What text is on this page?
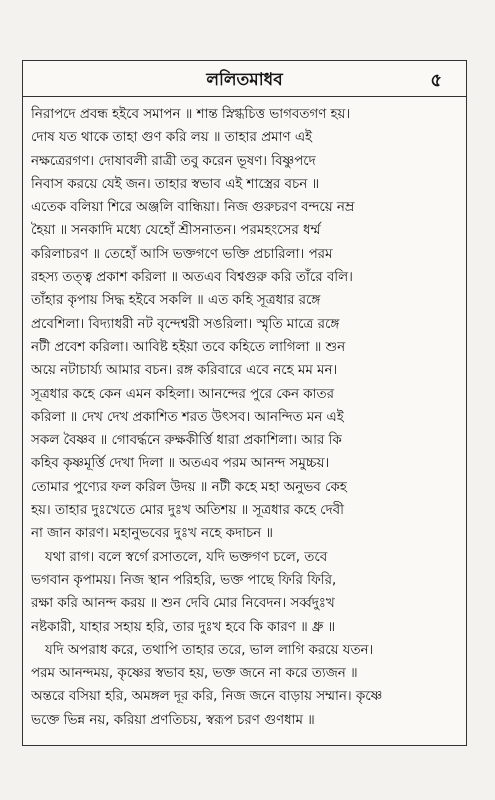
ললিতমাধব	৫
নিরাপদে প্রবন্ধ হইবে সমাপন ॥ শান্ত স্নিগ্ধচিত্ত ভাগবতগণ হয়।
দোষ যত থাকে তাহা গুণ করি লয় ॥ তাহার প্রমাণ এই
নক্ষত্রেরগণ। দোষাবলী রাত্রী তবু করেন ভূষণ। বিষ্ণুপদে
নিবাস করয়ে যেই জন। তাহার স্বভাব এই শাস্ত্রের বচন ॥
এতেক বলিয়া শিরে অঞ্জলি বান্ধিয়া। নিজ গুরুচরণ বন্দয়ে নম্র
হৈয়া ॥ সনকাদি মধ্যে যেহোঁ শ্রীসনাতন। পরমহংসের ধর্ম্ম
করিলাচরণ ॥ তেহোঁ আসি ভক্তগণে ভক্তি প্রচারিলা। পরম
রহস্য তত্ত্ব প্রকাশ করিলা ॥ অতএব বিশ্বগুরু করি তাঁরে বলি।
তাঁহার কৃপায় সিদ্ধ হইবে সকলি ॥ এত কহি সূত্রধার রঙ্গে
প্রবেশিলা। বিদ্যাধরী নট বৃন্দেশ্বরী সঙরিলা। স্মৃতি মাত্রে রঙ্গে
নটী প্রবেশ করিলা। আবিষ্ট হইয়া তবে কহিতে লাগিলা ॥ শুন
অয়ে নটাচার্য্য আমার বচন। রঙ্গ করিবারে এবে নহে মম মন।
সূত্রধার কহে কেন এমন কহিলা। আনন্দের পুরে কেন কাতর
করিলা ॥ দেখ দেখ প্রকাশিত শরত উৎসব। আনন্দিত মন এই
সকল বৈষ্ণব ॥ গোবর্দ্ধনে রুক্ষকীর্ত্তি ধারা প্রকাশিলা। আর কি
কহিব কৃষ্ণমূর্ত্তি দেখা দিলা ॥ অতএব পরম আনন্দ সমুচ্চয়।
তোমার পুণ্যের ফল করিল উদয় ॥ নটী কহে মহা অনুভব কেহ
হয়। তাহার দুঃখেতে মোর দুঃখ অতিশয় ॥ সূত্রধার কহে দেবী
না জান কারণ। মহানুভবের দুঃখ নহে কদাচন ॥
যথা রাগ। বলে স্বর্গে রসাতলে, যদি ভক্তগণ চলে, তবে
ভগবান কৃপাময়। নিজ স্থান পরিহরি, ভক্ত পাছে ফিরি ফিরি,
রক্ষা করি আনন্দ করয় ॥ শুন দেবি মোর নিবেদন। সর্ব্বদুঃখ
নষ্টকারী, যাহার সহায় হরি, তার দুঃখ হবে কি কারণ ॥ ধ্রু ॥
যদি অপরাধ করে, তথাপি তাহার তরে, ভাল লাগি করয়ে যতন।
পরম আনন্দময়, কৃষ্ণের স্বভাব হয়, ভক্ত জনে না করে ত্যজন ॥
অন্তরে বসিয়া হরি, অমঙ্গল দূর করি, নিজ জনে বাড়ায় সম্মান। কৃষ্ণে
ভক্তে ভিন্ন নয়, করিয়া প্রণতিচয়, স্বরূপ চরণ গুণধাম ॥
